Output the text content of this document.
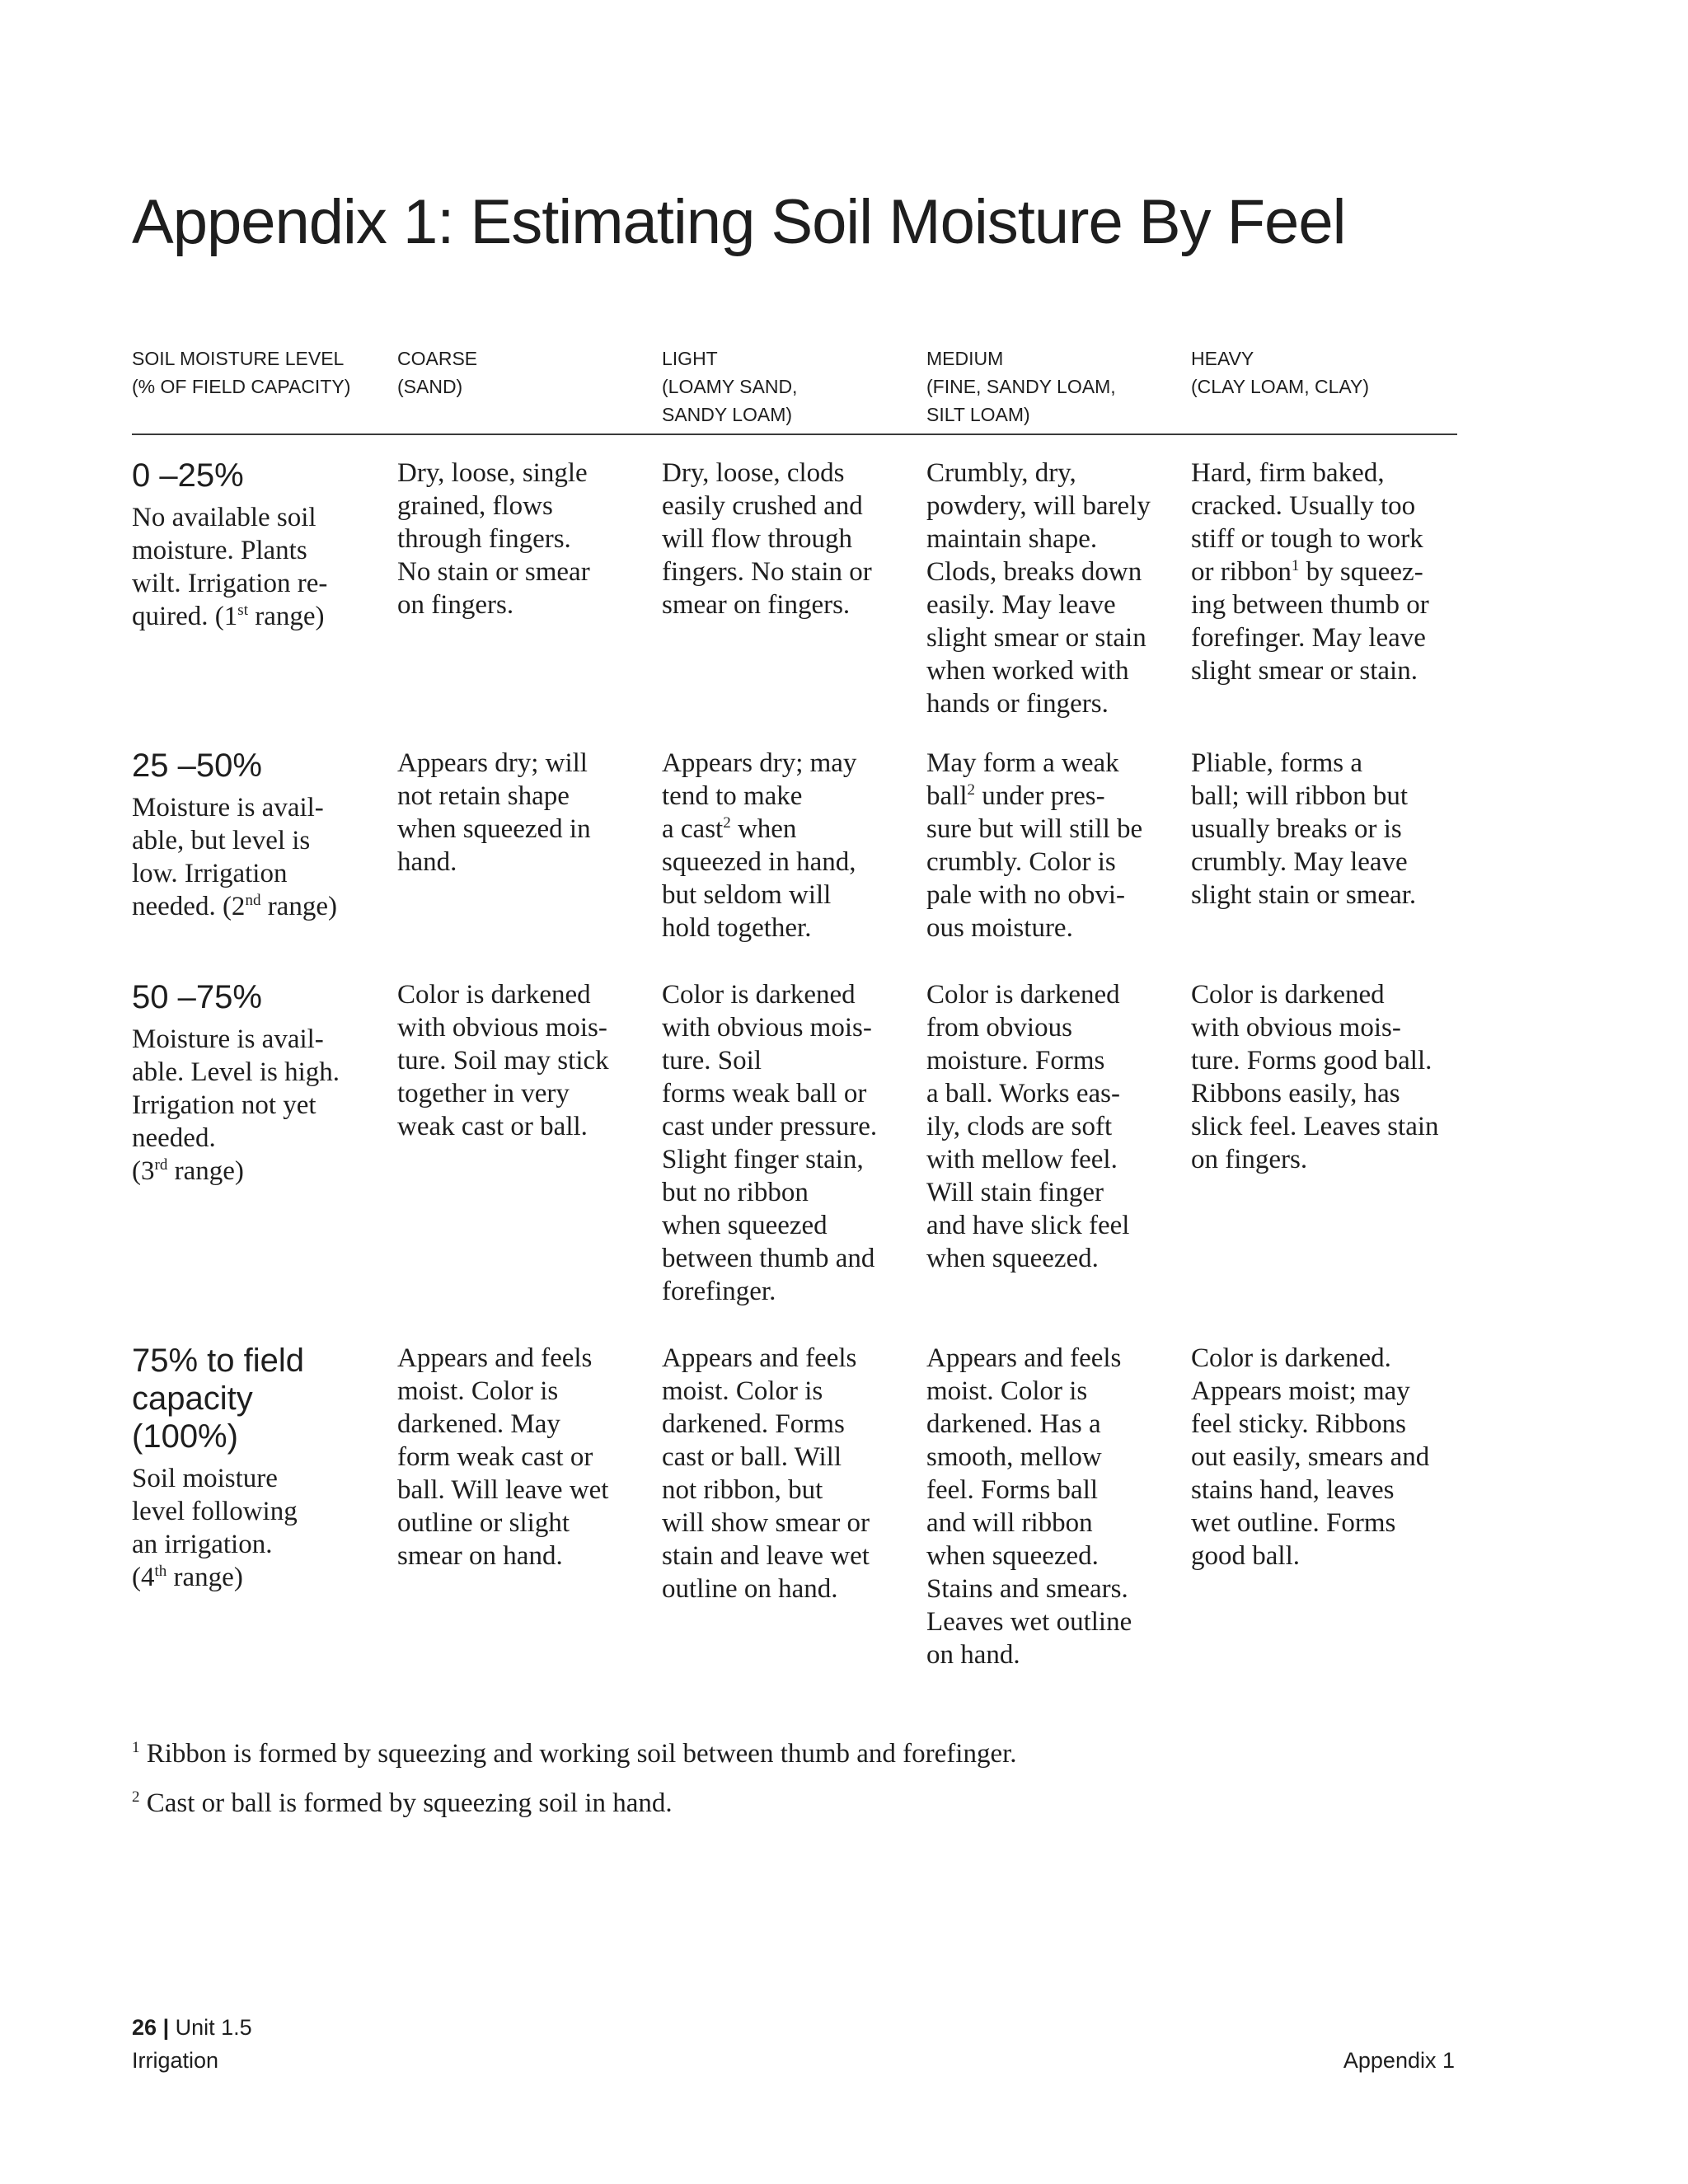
Appendix 1: Estimating Soil Moisture By Feel
SOIL MOISTURE LEVEL
(% OF FIELD CAPACITY)
COARSE
(SAND)
LIGHT
(LOAMY SAND,
SANDY LOAM)
MEDIUM
(FINE, SANDY LOAM,
SILT LOAM)
HEAVY
(CLAY LOAM, CLAY)
0 –25%
No available soil
moisture. Plants
wilt. Irrigation re-
quired. (1st range)
Dry, loose, single
grained, flows
through fingers.
No stain or smear
on fingers.
Dry, loose, clods
easily crushed and
will flow through
fingers. No stain or
smear on fingers.
Crumbly, dry,
powdery, will barely
maintain shape.
Clods, breaks down
easily. May leave
slight smear or stain
when worked with
hands or fingers.
Hard, firm baked,
cracked. Usually too
stiff or tough to work
or ribbon$^1$ by squeez-
ing between thumb or
forefinger. May leave
slight smear or stain.
25 –50%
Moisture is avail-
able, but level is
low. Irrigation
needed. (2nd range)
Appears dry; will
not retain shape
when squeezed in
hand.
Appears dry; may
tend to make
a cast$^2$ when
squeezed in hand,
but seldom will
hold together.
May form a weak
ball$^2$ under pres-
sure but will still be
crumbly. Color is
pale with no obvi-
ous moisture.
Pliable, forms a
ball; will ribbon but
usually breaks or is
crumbly. May leave
slight stain or smear.
50 –75%
Moisture is avail-
able. Level is high.
Irrigation not yet
needed.
(3rd range)
Color is darkened
with obvious mois-
ture. Soil may stick
together in very
weak cast or ball.
Color is darkened
with obvious mois-
ture. Soil
forms weak ball or
cast under pressure.
Slight finger stain,
but no ribbon
when squeezed
between thumb and
forefinger.
Color is darkened
from obvious
moisture. Forms
a ball. Works eas-
ily, clods are soft
with mellow feel.
Will stain finger
and have slick feel
when squeezed.
Color is darkened
with obvious mois-
ture. Forms good ball.
Ribbons easily, has
slick feel. Leaves stain
on fingers.
75% to field
capacity
(100%)
Soil moisture
level following
an irrigation.
(4th range)
Appears and feels
moist. Color is
darkened. May
form weak cast or
ball. Will leave wet
outline or slight
smear on hand.
Appears and feels
moist. Color is
darkened. Forms
cast or ball. Will
not ribbon, but
will show smear or
stain and leave wet
outline on hand.
Appears and feels
moist. Color is
darkened. Has a
smooth, mellow
feel. Forms ball
and will ribbon
when squeezed.
Stains and smears.
Leaves wet outline
on hand.
Color is darkened.
Appears moist; may
feel sticky. Ribbons
out easily, smears and
stains hand, leaves
wet outline. Forms
good ball.

$^1$ Ribbon is formed by squeezing and working soil between thumb and forefinger.

$^2$ Cast or ball is formed by squeezing soil in hand.

26 | Unit 1.5
Irrigation	Appendix 1
